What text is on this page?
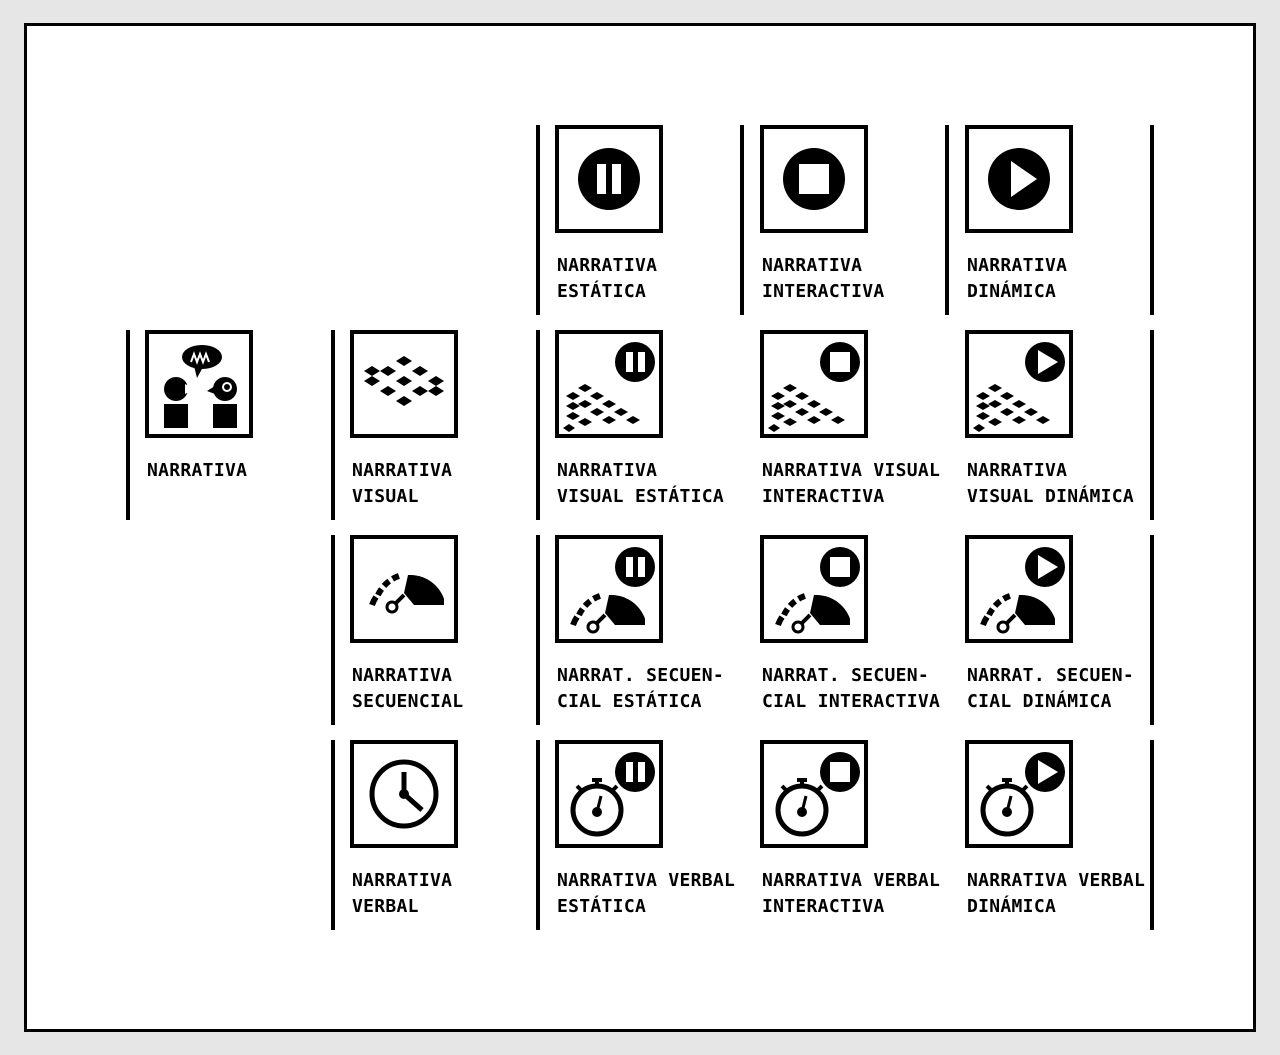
NARRATIVA
ESTÁTICA
NARRATIVA
INTERACTIVA
NARRATIVA
DINÁMICA
NARRATIVA	NARRATIVA
VISUAL
NARRATIVA
VISUAL ESTÁTICA
NARRATIVA VISUAL
INTERACTIVA
NARRATIVA
VISUAL DINÁMICA
NARRATIVA
SECUENCIAL
NARRAT. SECUEN-
CIAL ESTÁTICA
NARRAT. SECUEN-
CIAL INTERACTIVA
NARRAT. SECUEN-
CIAL DINÁMICA
NARRATIVA
VERBAL
NARRATIVA VERBAL
ESTÁTICA
NARRATIVA VERBAL
INTERACTIVA
NARRATIVA VERBAL
DINÁMICA
